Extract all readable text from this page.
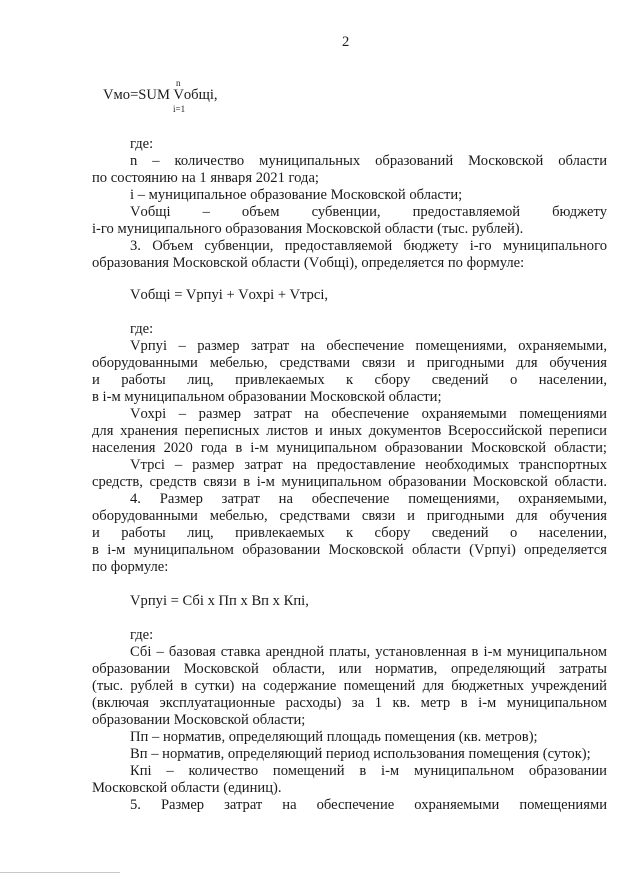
2
n
Vмо=SUM Vобщi,
i=1
где:
n – количество муниципальных образований Московской области
по состоянию на 1 января 2021 года;
i – муниципальное образование Московской области;
Vобщi – объем субвенции, предоставляемой бюджету
i-го муниципального образования Московской области (тыс. рублей).
3. Объем субвенции, предоставляемой бюджету i-го муниципального
образования Московской области (Vобщi), определяется по формуле:
Vобщi = Vрпуi + Vохрi + Vтрсi,
где:
Vрпуi – размер затрат на обеспечение помещениями, охраняемыми,
оборудованными мебелью, средствами связи и пригодными для обучения
и работы лиц, привлекаемых к сбору сведений о населении,
в i-м муниципальном образовании Московской области;
Vохрi – размер затрат на обеспечение охраняемыми помещениями
для хранения переписных листов и иных документов Всероссийской переписи
населения 2020 года в i-м муниципальном образовании Московской области;
Vтрсi – размер затрат на предоставление необходимых транспортных
средств, средств связи в i-м муниципальном образовании Московской области.
4. Размер затрат на обеспечение помещениями, охраняемыми,
оборудованными мебелью, средствами связи и пригодными для обучения
и работы лиц, привлекаемых к сбору сведений о населении,
в i-м муниципальном образовании Московской области (Vрпуi) определяется
по формуле:
Vрпуi = Сбi x Пп x Вп x Кпi,
где:
Сбi – базовая ставка арендной платы, установленная в i-м муниципальном
образовании Московской области, или норматив, определяющий затраты
(тыс. рублей в сутки) на содержание помещений для бюджетных учреждений
(включая эксплуатационные расходы) за 1 кв. метр в i-м муниципальном
образовании Московской области;
Пп – норматив, определяющий площадь помещения (кв. метров);
Вп – норматив, определяющий период использования помещения (суток);
Кпi – количество помещений в i-м муниципальном образовании
Московской области (единиц).
5. Размер затрат на обеспечение охраняемыми помещениями
